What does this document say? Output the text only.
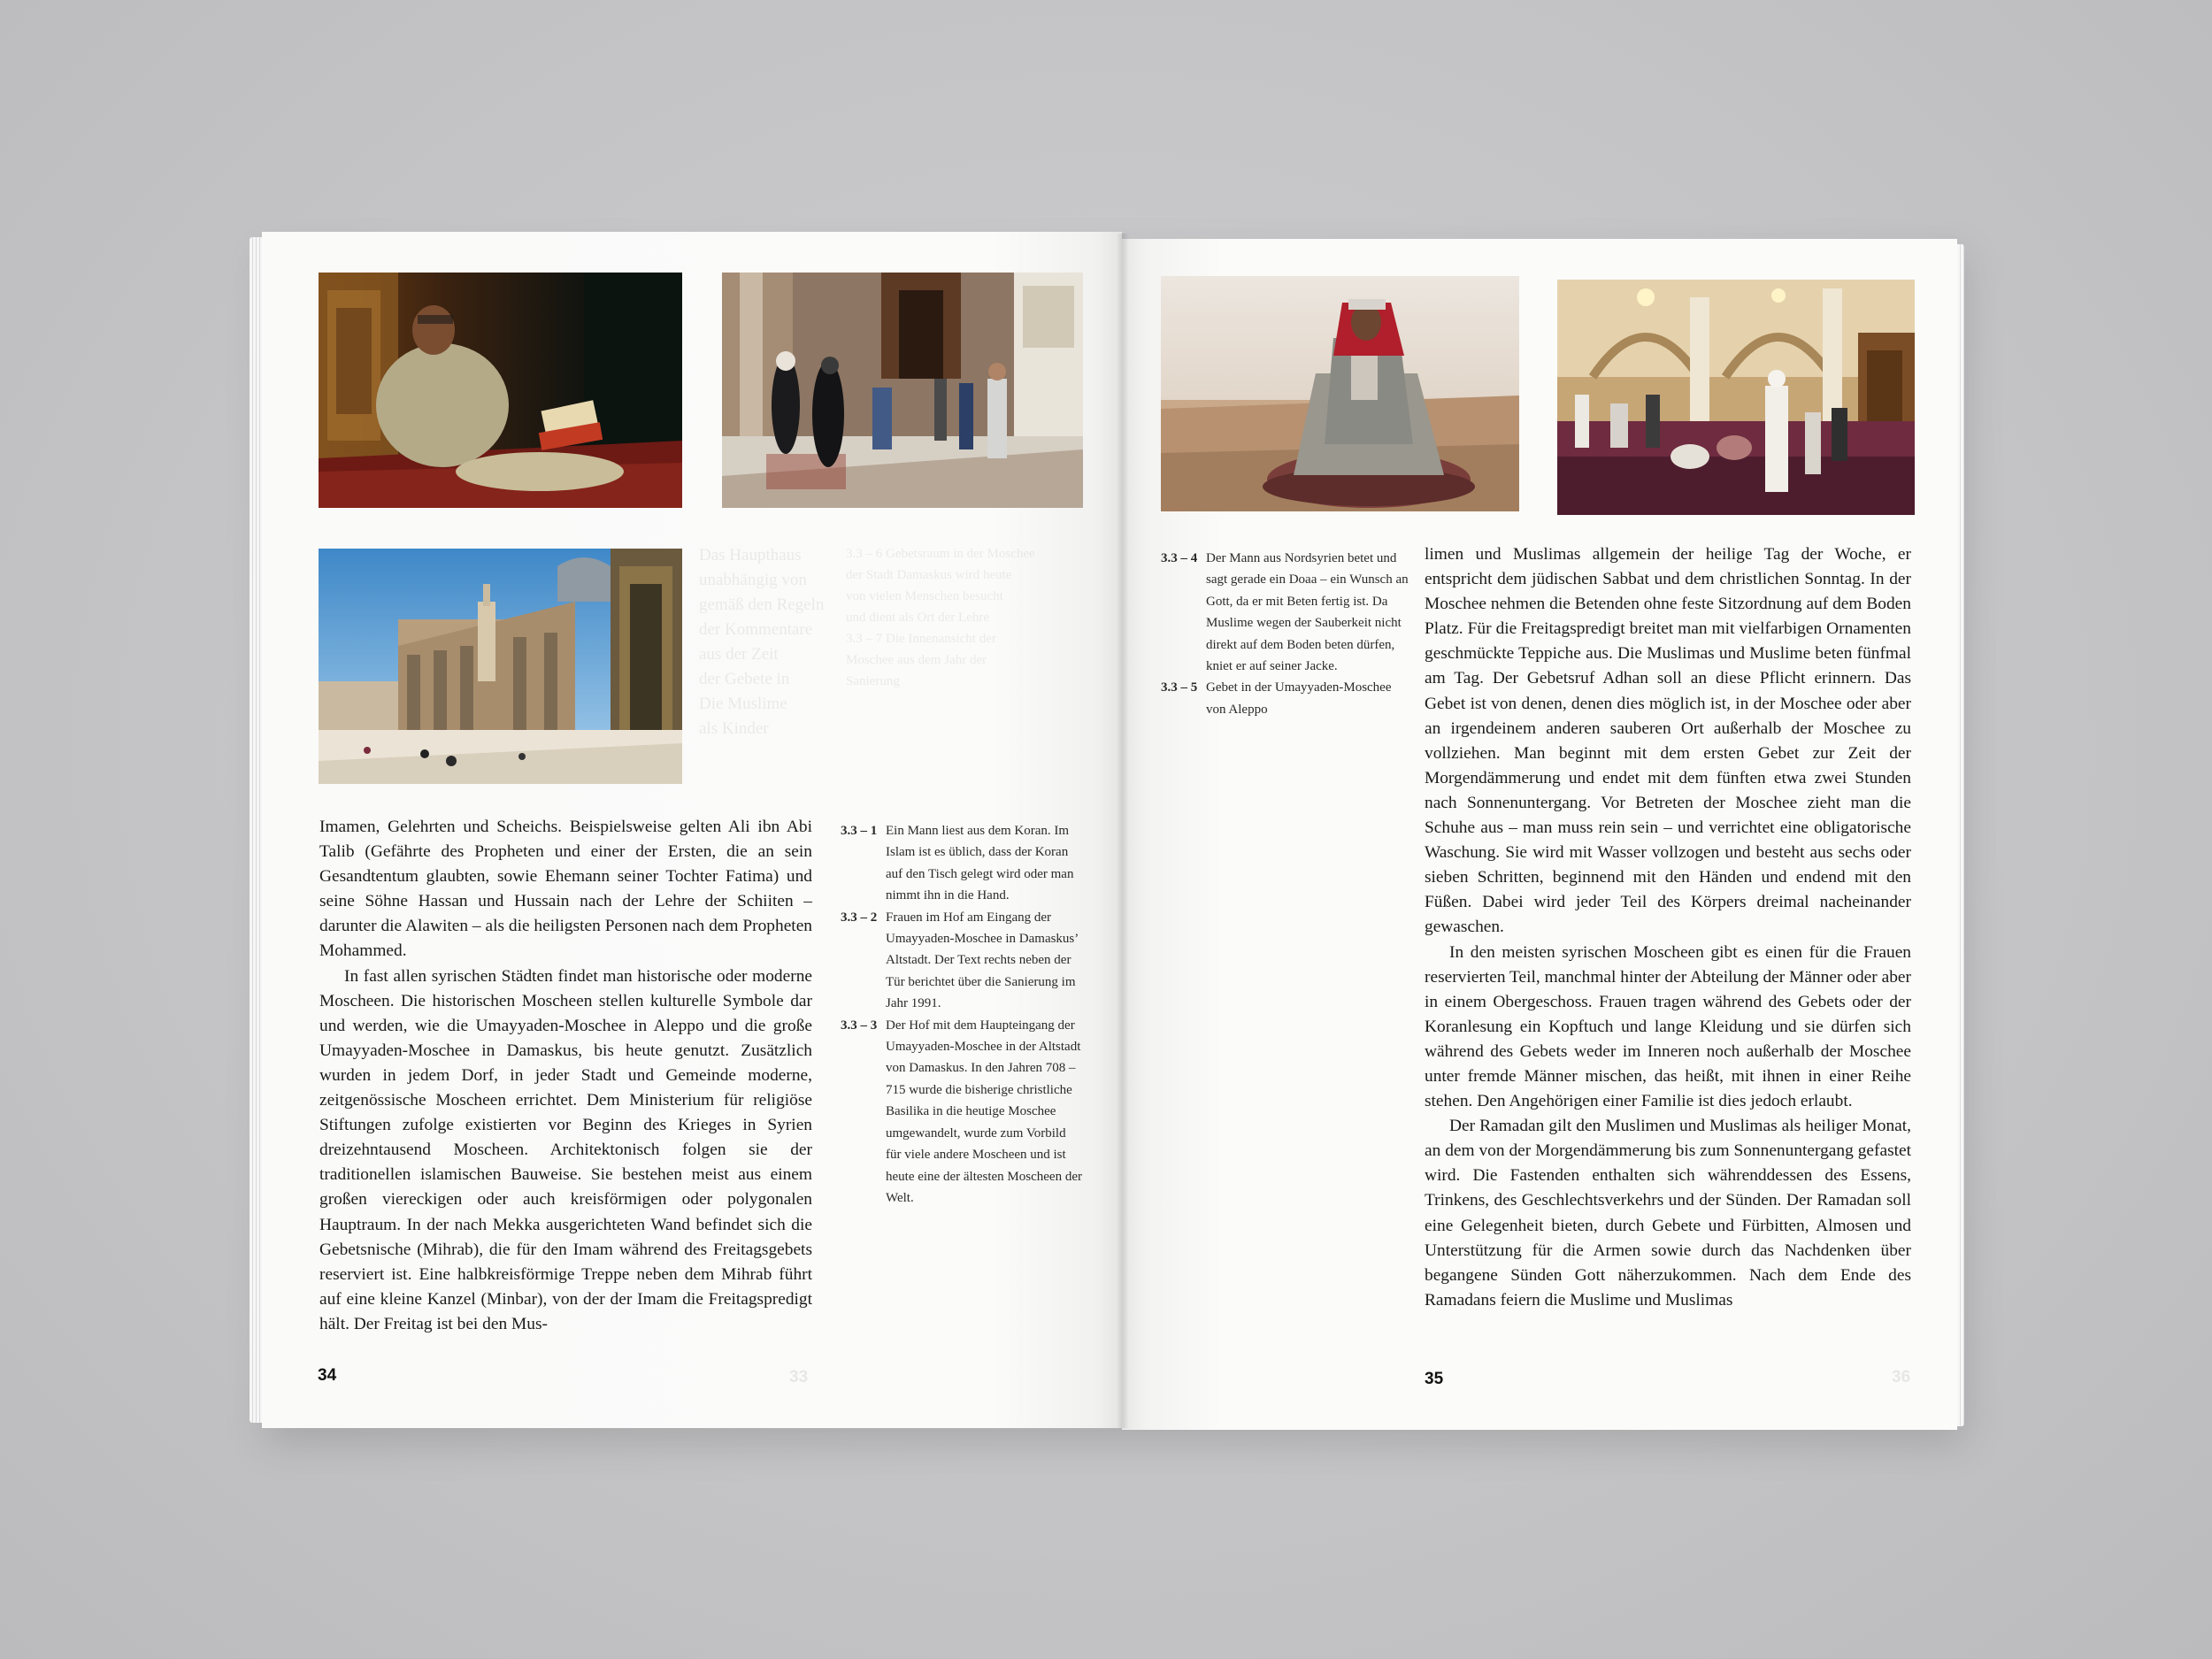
Das Haupthaus
unabhängig von
gemäß den Regeln
der Kommentare
aus der Zeit
der Gebete in
Die Muslime
als Kinder
3.3 – 6 Gebetsraum in der Moschee
der Stadt Damaskus wird heute
von vielen Menschen besucht
und dient als Ort der Lehre
3.3 – 7 Die Innenansicht der
Moschee aus dem Jahr der
Sanierung

Imamen, Gelehrten und Scheichs. Beispielsweise gelten Ali ibn Abi Talib (Gefährte des Propheten und einer der Ersten, die an sein Gesandtentum glaubten, sowie Ehemann seiner Tochter Fatima) und seine Söhne Hassan und Hussain nach der Lehre der Schiiten – darunter die Alawiten – als die heiligsten Personen nach dem Propheten Mohammed.

In fast allen syrischen Städten findet man historische oder moderne Moscheen. Die historischen Moscheen stellen kulturelle Symbole dar und werden, wie die Umayyaden-Moschee in Aleppo und die große Umayyaden-Moschee in Damaskus, bis heute genutzt. Zusätzlich wurden in jedem Dorf, in jeder Stadt und Gemeinde moderne, zeitgenössische Moscheen errichtet. Dem Ministerium für religiöse Stiftungen zufolge existierten vor Beginn des Krieges in Syrien dreizehntausend Moscheen. Architektonisch folgen sie der traditionellen islamischen Bauweise. Sie bestehen meist aus einem großen viereckigen oder auch kreisförmigen oder polygonalen Hauptraum. In der nach Mekka ausgerichteten Wand befindet sich die Gebetsnische (Mihrab), die für den Imam während des Freitagsgebets reserviert ist. Eine halbkreisförmige Treppe neben dem Mihrab führt auf eine kleine Kanzel (Minbar), von der der Imam die Freitagspredigt hält. Der Freitag ist bei den Mus-

3.3 – 1 Ein Mann liest aus dem Koran. Im Islam ist es üblich, dass der Koran auf den Tisch gelegt wird oder man nimmt ihn in die Hand.
3.3 – 2 Frauen im Hof am Eingang der Umayyaden-Moschee in Damaskus’ Altstadt. Der Text rechts neben der Tür berichtet über die Sanierung im Jahr 1991.
3.3 – 3 Der Hof mit dem Haupteingang der Umayyaden-Moschee in der Altstadt von Damaskus. In den Jahren 708 – 715 wurde die bisherige christliche Basilika in die heutige Moschee umgewandelt, wurde zum Vorbild für viele andere Moscheen und ist heute eine der ältesten Moscheen der Welt.
34	33
3.3 – 4 Der Mann aus Nordsyrien betet und sagt gerade ein Doaa – ein Wunsch an Gott, da er mit Beten fertig ist. Da Muslime wegen der Sauberkeit nicht direkt auf dem Boden beten dürfen, kniet er auf seiner Jacke.
3.3 – 5 Gebet in der Umayyaden-Moschee von Aleppo

limen und Muslimas allgemein der heilige Tag der Woche, er entspricht dem jüdischen Sabbat und dem christlichen Sonntag. In der Moschee nehmen die Betenden ohne feste Sitzordnung auf dem Boden Platz. Für die Freitagspredigt breitet man mit vielfarbigen Ornamenten geschmückte Teppiche aus. Die Muslimas und Muslime beten fünfmal am Tag. Der Gebetsruf Adhan soll an diese Pflicht erinnern. Das Gebet ist von denen, denen dies möglich ist, in der Moschee oder aber an irgendeinem anderen sauberen Ort außerhalb der Moschee zu vollziehen. Man beginnt mit dem ersten Gebet zur Zeit der Morgendämmerung und endet mit dem fünften etwa zwei Stunden nach Sonnenuntergang. Vor Betreten der Moschee zieht man die Schuhe aus – man muss rein sein – und verrichtet eine obligatorische Waschung. Sie wird mit Wasser vollzogen und besteht aus sechs oder sieben Schritten, beginnend mit den Händen und endend mit den Füßen. Dabei wird jeder Teil des Körpers dreimal nacheinander gewaschen.

In den meisten syrischen Moscheen gibt es einen für die Frauen reservierten Teil, manchmal hinter der Abteilung der Männer oder aber in einem Obergeschoss. Frauen tragen während des Gebets oder der Koranlesung ein Kopftuch und lange Kleidung und sie dürfen sich während des Gebets weder im Inneren noch außerhalb der Moschee unter fremde Männer mischen, das heißt, mit ihnen in einer Reihe stehen. Den Angehörigen einer Familie ist dies jedoch erlaubt.

Der Ramadan gilt den Muslimen und Muslimas als heiliger Monat, an dem von der Morgendämmerung bis zum Sonnenuntergang gefastet wird. Die Fastenden enthalten sich währenddessen des Essens, Trinkens, des Geschlechtsverkehrs und der Sünden. Der Ramadan soll eine Gelegenheit bieten, durch Gebete und Fürbitten, Almosen und Unterstützung für die Armen sowie durch das Nachdenken über begangene Sünden Gott näherzukommen. Nach dem Ende des Ramadans feiern die Muslime und Muslimas

35	36
